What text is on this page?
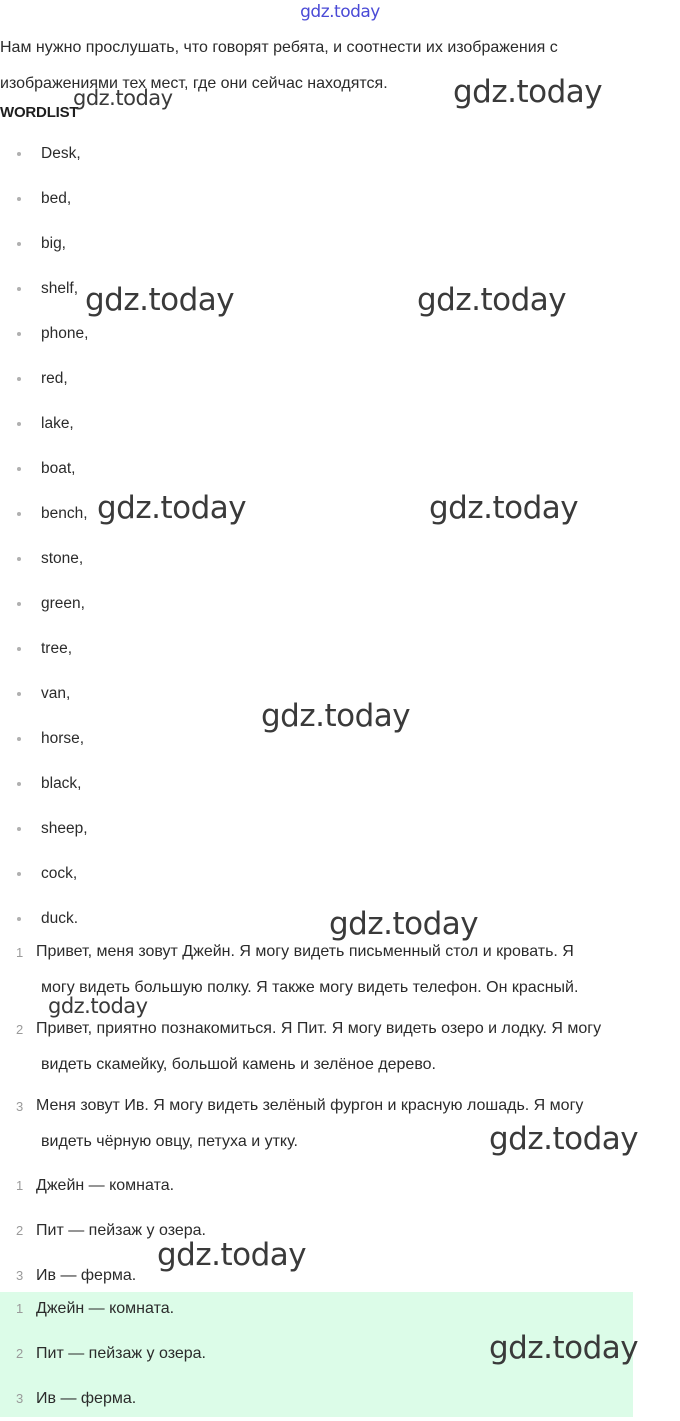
gdz.today
Нам нужно прослушать, что говорят ребята, и соотнести их изображения с
изображениями тех мест, где они сейчас находятся.
WORDLIST
Desk,
bed,
big,
shelf,
phone,
red,
lake,
boat,
bench,
stone,
green,
tree,
van,
horse,
black,
sheep,
cock,
duck.
1 Привет, меня зовут Джейн. Я могу видеть письменный стол и кровать. Я
могу видеть большую полку. Я также могу видеть телефон. Он красный.
2 Привет, приятно познакомиться. Я Пит. Я могу видеть озеро и лодку. Я могу
видеть скамейку, большой камень и зелёное дерево.
3 Меня зовут Ив. Я могу видеть зелёный фургон и красную лошадь. Я могу
видеть чёрную овцу, петуха и утку.
1 Джейн — комната.
2 Пит — пейзаж у озера.
3 Ив — ферма.
1 Джейн — комната.
2 Пит — пейзаж у озера.
3 Ив — ферма.
gdz.today	gdz.today
gdz.today	gdz.today
gdz.today	gdz.today
gdz.today
gdz.today
gdz.today
gdz.today
gdz.today
gdz.today
